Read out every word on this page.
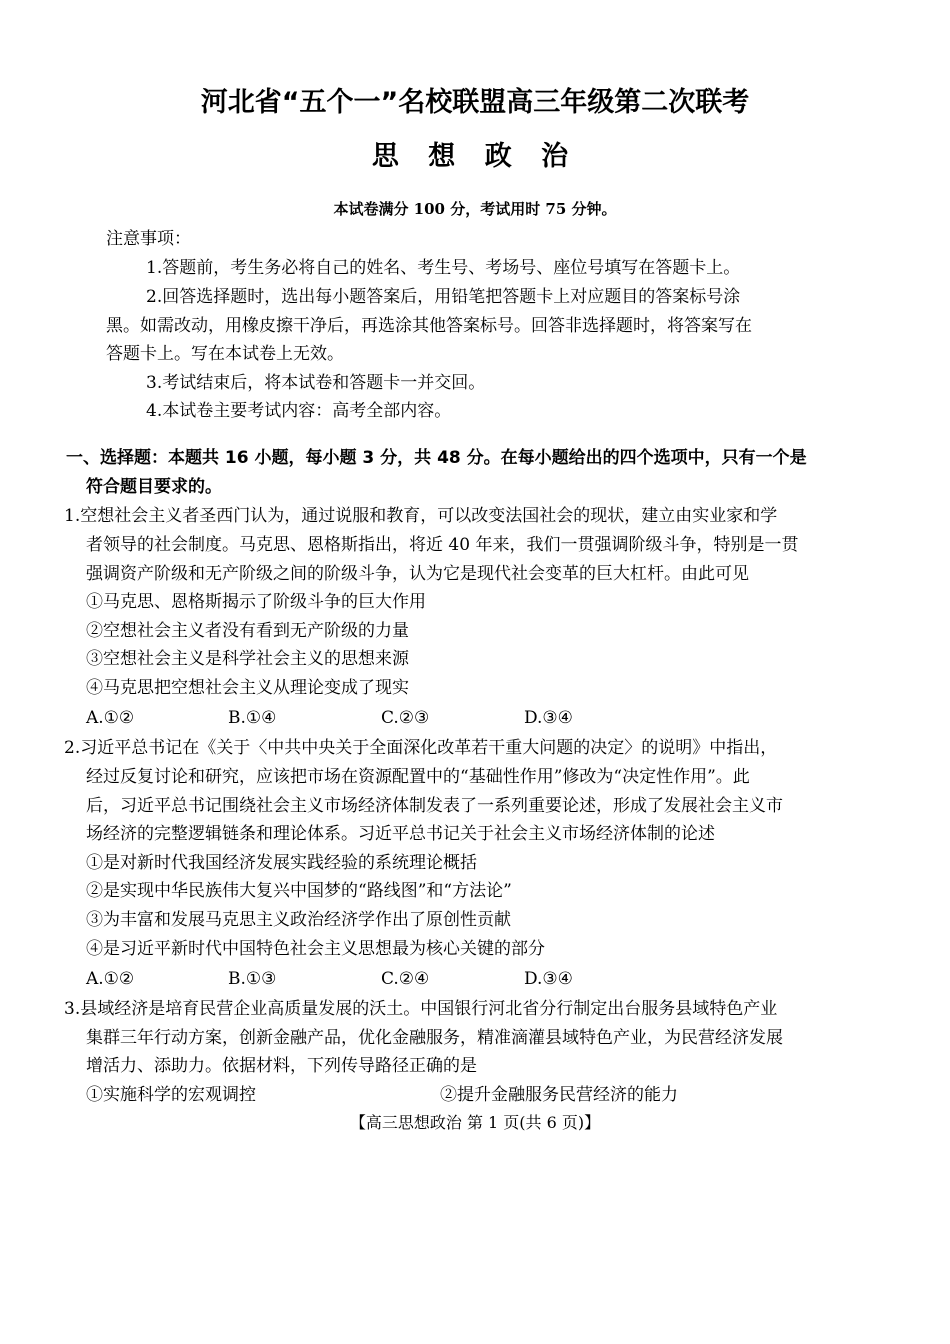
河北省“五个一”名校联盟高三年级第二次联考
思 想 政 治
本试卷满分 100 分，考试用时 75 分钟。
注意事项：
1.答题前，考生务必将自己的姓名、考生号、考场号、座位号填写在答题卡上。
2.回答选择题时，选出每小题答案后，用铅笔把答题卡上对应题目的答案标号涂
黑。如需改动，用橡皮擦干净后，再选涂其他答案标号。回答非选择题时，将答案写在
答题卡上。写在本试卷上无效。
3.考试结束后，将本试卷和答题卡一并交回。
4.本试卷主要考试内容：高考全部内容。
一、选择题：本题共 16 小题，每小题 3 分，共 48 分。在每小题给出的四个选项中，只有一个是
符合题目要求的。
1.空想社会主义者圣西门认为，通过说服和教育，可以改变法国社会的现状，建立由实业家和学
者领导的社会制度。马克思、恩格斯指出，将近 40 年来，我们一贯强调阶级斗争，特别是一贯
强调资产阶级和无产阶级之间的阶级斗争，认为它是现代社会变革的巨大杠杆。由此可见
①马克思、恩格斯揭示了阶级斗争的巨大作用
②空想社会主义者没有看到无产阶级的力量
③空想社会主义是科学社会主义的思想来源
④马克思把空想社会主义从理论变成了现实
A.①②	B.①④	C.②③	D.③④
2.习近平总书记在《关于〈中共中央关于全面深化改革若干重大问题的决定〉的说明》中指出，
经过反复讨论和研究，应该把市场在资源配置中的“基础性作用”修改为“决定性作用”。此
后，习近平总书记围绕社会主义市场经济体制发表了一系列重要论述，形成了发展社会主义市
场经济的完整逻辑链条和理论体系。习近平总书记关于社会主义市场经济体制的论述
①是对新时代我国经济发展实践经验的系统理论概括
②是实现中华民族伟大复兴中国梦的“路线图”和“方法论”
③为丰富和发展马克思主义政治经济学作出了原创性贡献
④是习近平新时代中国特色社会主义思想最为核心关键的部分
A.①②	B.①③	C.②④	D.③④
3.县域经济是培育民营企业高质量发展的沃土。中国银行河北省分行制定出台服务县域特色产业
集群三年行动方案，创新金融产品，优化金融服务，精准滴灌县域特色产业，为民营经济发展
增活力、添助力。依据材料，下列传导路径正确的是
①实施科学的宏观调控	②提升金融服务民营经济的能力
【高三思想政治 第 1 页(共 6 页)】
